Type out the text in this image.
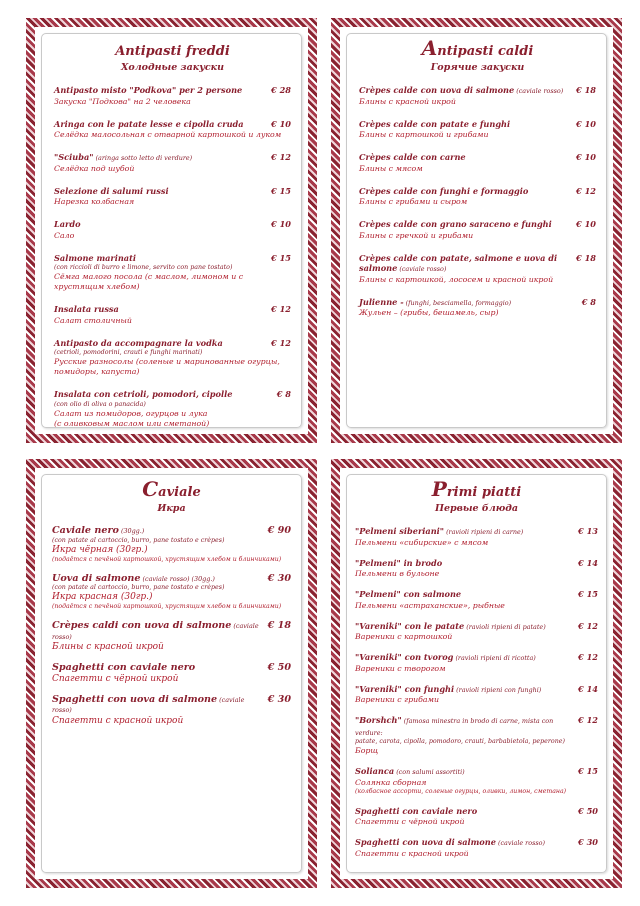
Antipasti freddi
Холодные закуски
Antipasto misto "Podkova" per 2 persone	€ 28
Закуска "Подкова" на 2 человека
Aringa con le patate lesse e cipolla cruda	€ 10
Селёдка малосольная с отварной картошкой и луком
"Sciuba" (aringa sotto letto di verdure)	€ 12
Селёдка под шубой
Selezione di salumi russi	€ 15
Нарезка колбасная
Lardo	€ 10
Сало
Salmone marinati	€ 15
(con riccioli di burro e limone, servito con pane tostato)
Сёмга малого посола (с маслом, лимоном и с хрустящим хлебом)
Insalata russa	€ 12
Салат столичный
Antipasto da accompagnare la vodka	€ 12
(cetrioli, pomodorini, crauti e funghi marinati)
Русские разносолы (соленые и маринованные огурцы, помидоры, капуста)
Insalata con cetrioli, pomodori, cipolle	€ 8
(con olio di oliva o panacida)
Салат из помидоров, огурцов и лука
(с оливковым маслом или сметаной)
Antipasti caldi
Горячие закуски
Crèpes calde con uova di salmone (caviale rosso) € 18
Блины с красной икрой
Crèpes calde con patate e funghi	€ 10
Блины с картошкой и грибами
Crèpes calde con carne	€ 10
Блины с мясом
Crèpes calde con funghi e formaggio	€ 12
Блины с грибами и сыром
Crèpes calde con grano saraceno e funghi	€ 10
Блины с гречкой и грибами
Crèpes calde con patate, salmone e uova di salmone (caviale rosso)
€ 18
Блины с картошкой, лососем и красной икрой
Julienne - (funghi, besciamella, formaggio)	€ 8
Жульен – (грибы, бешамель, сыр)
Caviale
Икра
Caviale nero (30gg.)	€ 90
(con patate al cartoccio, burro, pane tostato e crèpes)
Икра чёрная (30гр.)
(подаётся с печёной картошкой, хрустящим хлебом и блинчиками)
Uova di salmone (caviale rosso) (30gg.)	€ 30
(con patate al cartoccio, burro, pane tostato e crèpes)
Икра красная (30гр.)
(подаётся с печёной картошкой, хрустящим хлебом и блинчиками)
Crèpes caldi con uova di salmone (caviale rosso)
€ 18
Блины с красной икрой
Spaghetti con caviale nero	€ 50
Спагетти с чёрной икрой
Spaghetti con uova di salmone (caviale rosso)
€ 30
Спагетти с красной икрой
Primi piatti
Первые блюда
"Pelmeni siberiani" (ravioli ripieni di carne)	€ 13
Пельмени «сибирские» с мясом
"Pelmeni" in brodo	€ 14
Пельмени в бульоне
"Pelmeni" con salmone	€ 15
Пельмени «астраханские», рыбные
"Vareniki" con le patate (ravioli ripieni di patate)	€ 12
Вареники с картошкой
"Vareniki" con tvorog (ravioli ripieni di ricotta)	€ 12
Вареники с творогом
"Vareniki" con funghi (ravioli ripieni con funghi)	€ 14
Вареники с грибами
"Borshch" (famosa minestra in brodo di carne, mista con verdure:
€ 12
patate, carota, cipolla, pomodoro, crauti, barbabietola, peperone)
Борщ
Solianca (con salumi assortiti)	€ 15
Солянка сборная
(колбасное ассорти, соленые огурцы, оливки, лимон, сметана)
Spaghetti con caviale nero	€ 50
Спагетти с чёрной икрой
Spaghetti con uova di salmone (caviale rosso)	€ 30
Спагетти с красной икрой
